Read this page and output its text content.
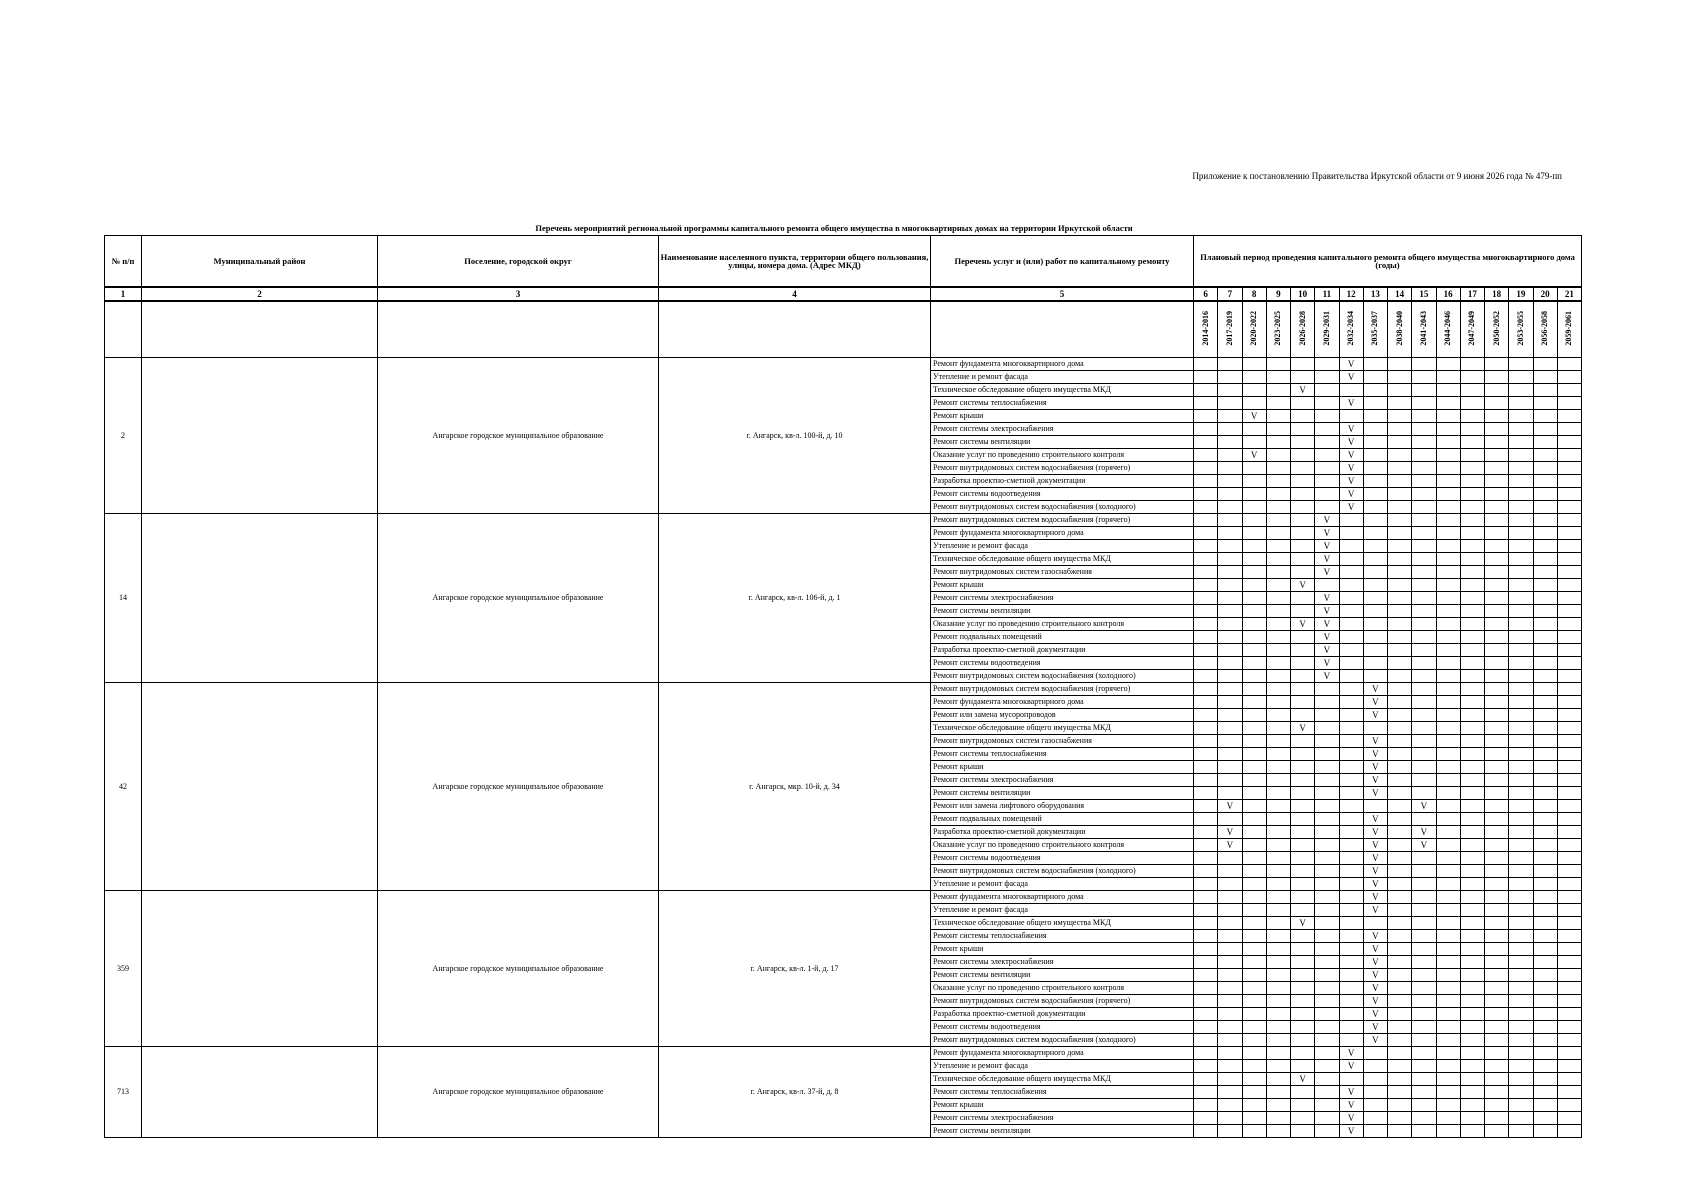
Приложение к постановлению Правительства Иркутской области от 9 июня 2026 года № 479-пп
Перечень мероприятий региональной программы капитального ремонта общего имущества в многоквартирных домах на территории Иркутской области
№ п/п	Муниципальный район	Поселение, городской округ	Наименование населенного пункта, территории общего пользования, улицы, номера дома. (Адрес МКД)	Перечень услуг и (или) работ по капитальному ремонту	Плановый период проведения капитального ремонта общего имущества многоквартирного дома (годы)															
1	2	3	4	5	6	7	8	9	10	11	12	13	14	15	16	17	18	19	20	21
					2014-2016	2017-2019	2020-2022	2023-2025	2026-2028	2029-2031	2032-2034	2035-2037	2038-2040	2041-2043	2044-2046	2047-2049	2050-2052	2053-2055	2056-2058	2059-2061
2		Ангарское городское муниципальное образование	г. Ангарск, кв-л. 100-й, д. 10	Ремонт фундамента многоквартирного дома							V									
				Утепление и ремонт фасада							V									
				Техническое обследование общего имущества МКД					V											
				Ремонт системы теплоснабжения							V									
				Ремонт крыши			V													
				Ремонт системы электроснабжения							V									
				Ремонт системы вентиляции							V									
				Оказание услуг по проведению строительного контроля			V				V									
				Ремонт внутридомовых систем водоснабжения (горячего)							V									
				Разработка проектно-сметной документации							V									
				Ремонт системы водоотведения							V									
				Ремонт внутридомовых систем водоснабжения (холодного)							V									
14		Ангарское городское муниципальное образование	г. Ангарск, кв-л. 106-й, д. 1	Ремонт внутридомовых систем водоснабжения (горячего)						V										
				Ремонт фундамента многоквартирного дома						V										
				Утепление и ремонт фасада						V										
				Техническое обследование общего имущества МКД						V										
				Ремонт внутридомовых систем газоснабжения						V										
				Ремонт крыши					V											
				Ремонт системы электроснабжения						V										
				Ремонт системы вентиляции						V										
				Оказание услуг по проведению строительного контроля					V	V										
				Ремонт подвальных помещений						V										
				Разработка проектно-сметной документации						V										
				Ремонт системы водоотведения						V										
				Ремонт внутридомовых систем водоснабжения (холодного)						V										
42		Ангарское городское муниципальное образование	г. Ангарск, мкр. 10-й, д. 34	Ремонт внутридомовых систем водоснабжения (горячего)								V								
				Ремонт фундамента многоквартирного дома								V								
				Ремонт или замена мусоропроводов								V								
				Техническое обследование общего имущества МКД					V											
				Ремонт внутридомовых систем газоснабжения								V								
				Ремонт системы теплоснабжения								V								
				Ремонт крыши								V								
				Ремонт системы электроснабжения								V								
				Ремонт системы вентиляции								V								
				Ремонт или замена лифтового оборудования		V								V						
				Ремонт подвальных помещений								V								
				Разработка проектно-сметной документации		V						V		V						
				Оказание услуг по проведению строительного контроля		V						V		V						
				Ремонт системы водоотведения								V								
				Ремонт внутридомовых систем водоснабжения (холодного)								V								
				Утепление и ремонт фасада								V								
359		Ангарское городское муниципальное образование	г. Ангарск, кв-л. 1-й, д. 17	Ремонт фундамента многоквартирного дома								V								
				Утепление и ремонт фасада								V								
				Техническое обследование общего имущества МКД					V											
				Ремонт системы теплоснабжения								V								
				Ремонт крыши								V								
				Ремонт системы электроснабжения								V								
				Ремонт системы вентиляции								V								
				Оказание услуг по проведению строительного контроля								V								
				Ремонт внутридомовых систем водоснабжения (горячего)								V								
				Разработка проектно-сметной документации								V								
				Ремонт системы водоотведения								V								
				Ремонт внутридомовых систем водоснабжения (холодного)								V								
713		Ангарское городское муниципальное образование	г. Ангарск, кв-л. 37-й, д. 8	Ремонт фундамента многоквартирного дома							V									
				Утепление и ремонт фасада							V									
				Техническое обследование общего имущества МКД					V											
				Ремонт системы теплоснабжения							V									
				Ремонт крыши							V									
				Ремонт системы электроснабжения							V									
				Ремонт системы вентиляции							V									
